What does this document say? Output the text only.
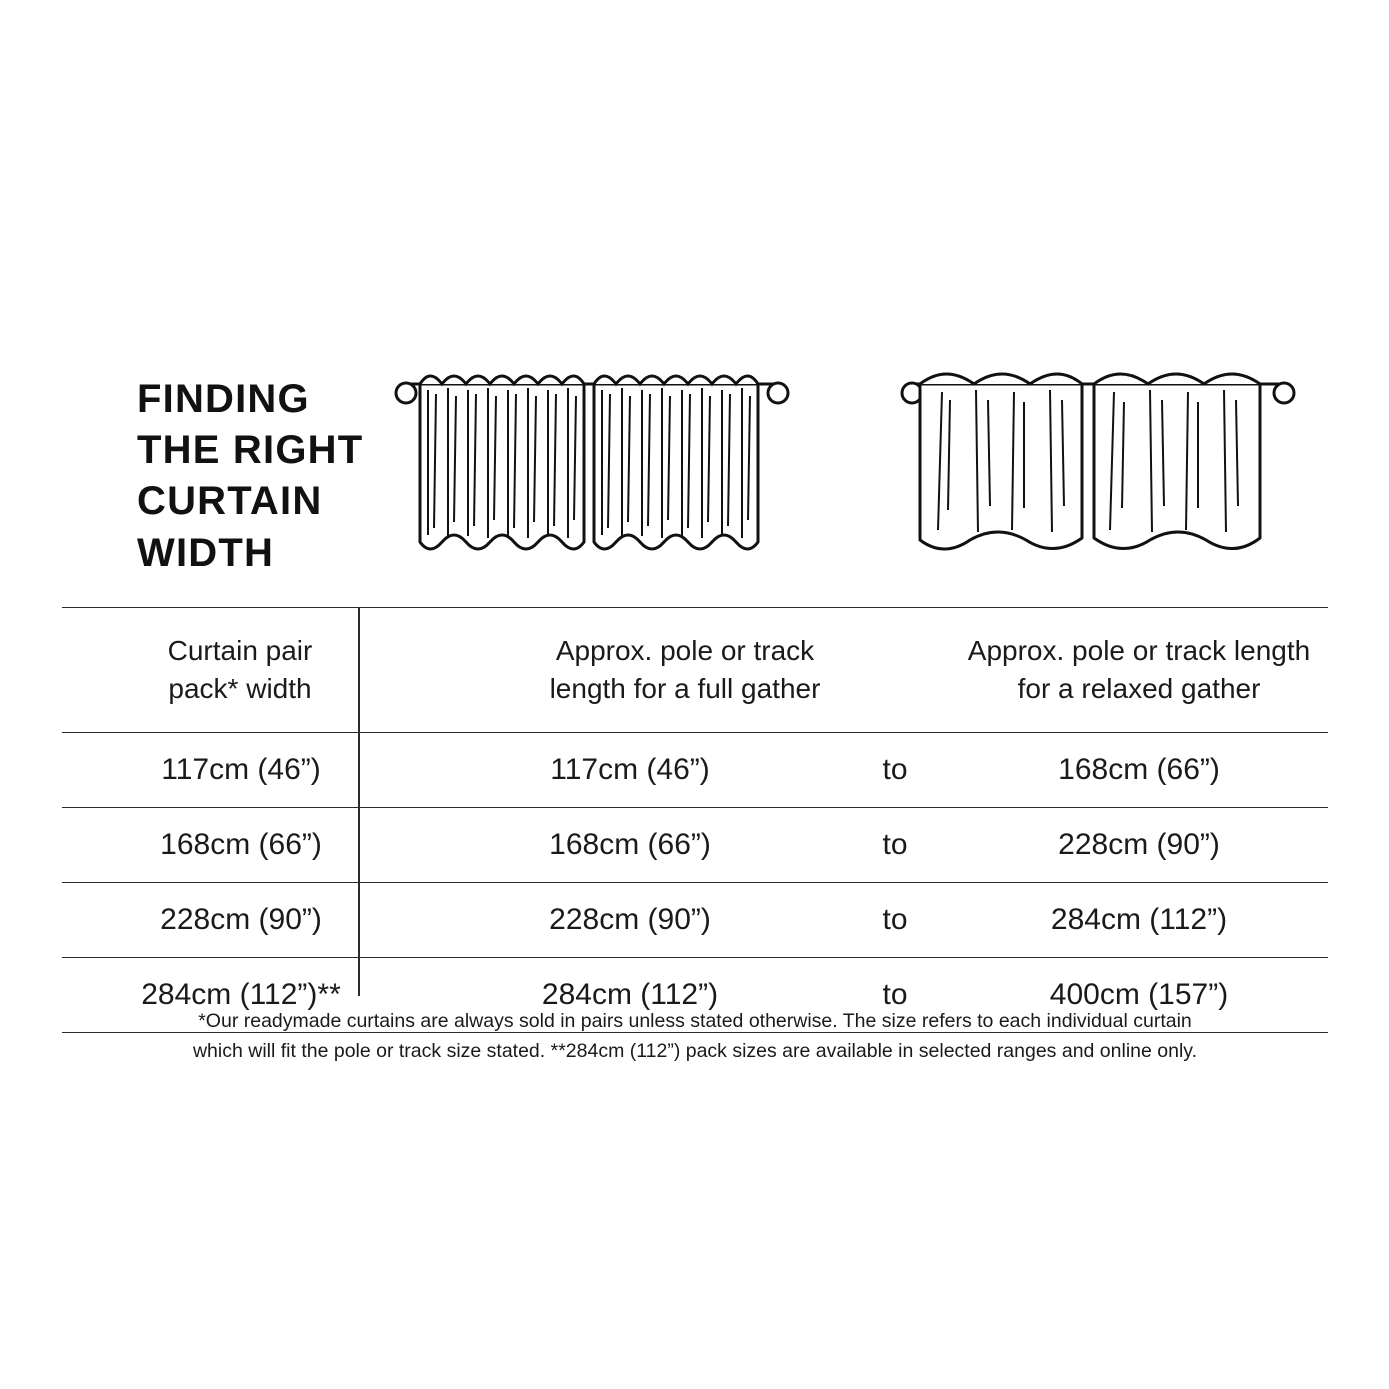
FINDING
THE RIGHT
CURTAIN
WIDTH
Curtain pair
pack* width	Approx. pole or track
length for a full gather		Approx. pole or track length
for a relaxed gather
117cm (46”)	117cm (46”)	to	168cm (66”)
168cm (66”)	168cm (66”)	to	228cm (90”)
228cm (90”)	228cm (90”)	to	284cm (112”)
284cm (112”)**	284cm (112”)	to	400cm (157”)
*Our readymade curtains are always sold in pairs unless stated otherwise. The size refers to each individual curtain
which will fit the pole or track size stated. **284cm (112”) pack sizes are available in selected ranges and online only.
